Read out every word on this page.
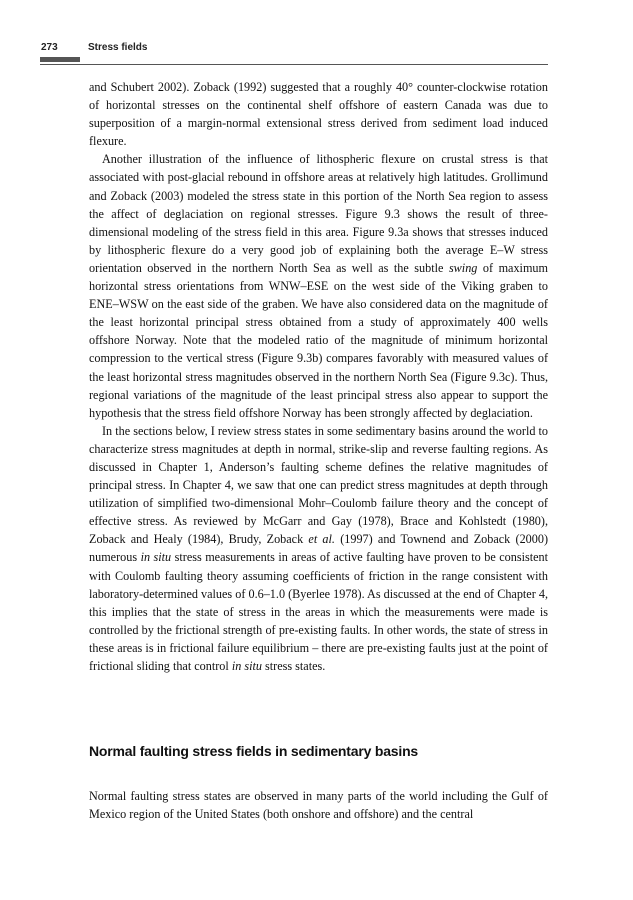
273	Stress fields

and Schubert 2002). Zoback (1992) suggested that a roughly 40° counter-clockwise rotation of horizontal stresses on the continental shelf offshore of eastern Canada was due to superposition of a margin-normal extensional stress derived from sediment load induced flexure.

Another illustration of the influence of lithospheric flexure on crustal stress is that associated with post-glacial rebound in offshore areas at relatively high latitudes. Grollimund and Zoback (2003) modeled the stress state in this portion of the North Sea region to assess the affect of deglaciation on regional stresses. Figure 9.3 shows the result of three-dimensional modeling of the stress field in this area. Figure 9.3a shows that stresses induced by lithospheric flexure do a very good job of explaining both the average E–W stress orientation observed in the northern North Sea as well as the subtle swing of maximum horizontal stress orientations from WNW–ESE on the west side of the Viking graben to ENE–WSW on the east side of the graben. We have also considered data on the magnitude of the least horizontal principal stress obtained from a study of approximately 400 wells offshore Norway. Note that the modeled ratio of the magnitude of minimum horizontal compression to the vertical stress (Figure 9.3b) compares favorably with measured values of the least horizontal stress magnitudes observed in the northern North Sea (Figure 9.3c). Thus, regional variations of the magnitude of the least principal stress also appear to support the hypothesis that the stress field offshore Norway has been strongly affected by deglaciation.

In the sections below, I review stress states in some sedimentary basins around the world to characterize stress magnitudes at depth in normal, strike-slip and reverse faulting regions. As discussed in Chapter 1, Anderson’s faulting scheme defines the relative magnitudes of principal stress. In Chapter 4, we saw that one can predict stress magnitudes at depth through utilization of simplified two-dimensional Mohr–Coulomb failure theory and the concept of effective stress. As reviewed by McGarr and Gay (1978), Brace and Kohlstedt (1980), Zoback and Healy (1984), Brudy, Zoback et al. (1997) and Townend and Zoback (2000) numerous in situ stress measurements in areas of active faulting have proven to be consistent with Coulomb faulting theory assuming coefficients of friction in the range consistent with laboratory-determined values of 0.6–1.0 (Byerlee 1978). As discussed at the end of Chapter 4, this implies that the state of stress in the areas in which the measurements were made is controlled by the frictional strength of pre-existing faults. In other words, the state of stress in these areas is in frictional failure equilibrium – there are pre-existing faults just at the point of frictional sliding that control in situ stress states.

Normal faulting stress fields in sedimentary basins

Normal faulting stress states are observed in many parts of the world including the Gulf of Mexico region of the United States (both onshore and offshore) and the central
